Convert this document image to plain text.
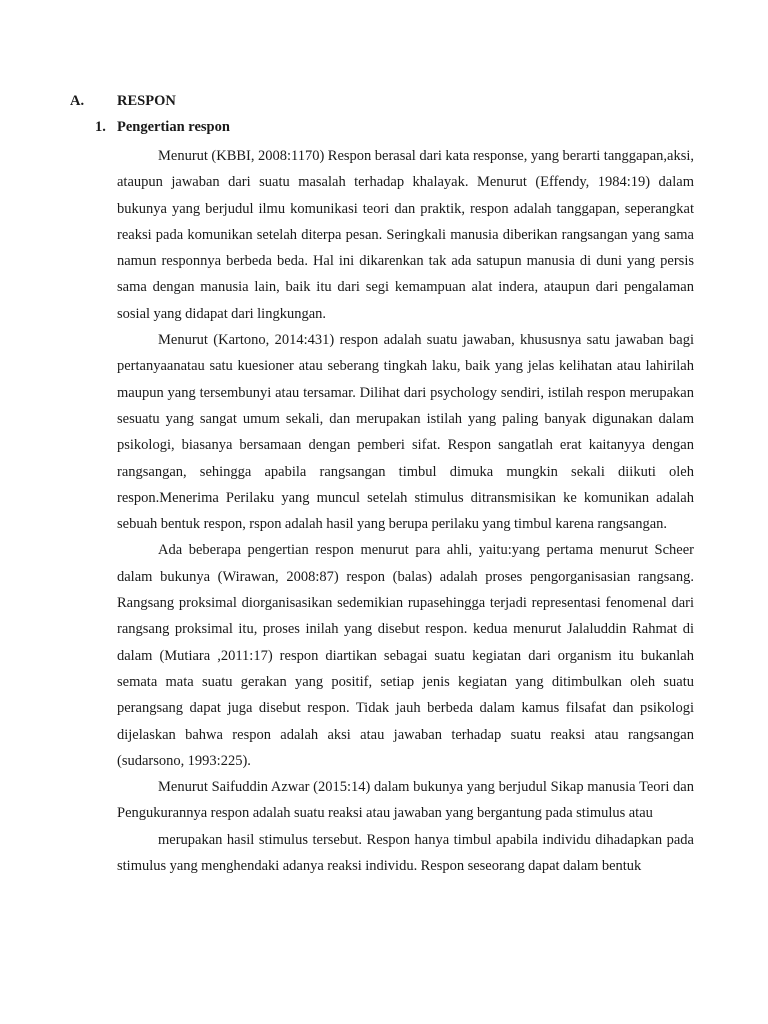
A. RESPON
1. Pengertian respon

Menurut (KBBI, 2008:1170) Respon berasal dari kata response, yang berarti tanggapan,aksi, ataupun jawaban dari suatu masalah terhadap khalayak. Menurut (Effendy, 1984:19) dalam bukunya yang berjudul ilmu komunikasi teori dan praktik, respon adalah tanggapan, seperangkat reaksi pada komunikan setelah diterpa pesan. Seringkali manusia diberikan rangsangan yang sama namun responnya berbeda beda. Hal ini dikarenkan tak ada satupun manusia di duni yang persis sama dengan manusia lain, baik itu dari segi kemampuan alat indera, ataupun dari pengalaman sosial yang didapat dari lingkungan.

Menurut (Kartono, 2014:431) respon adalah suatu jawaban, khususnya satu jawaban bagi pertanyaanatau satu kuesioner atau seberang tingkah laku, baik yang jelas kelihatan atau lahirilah maupun yang tersembunyi atau tersamar. Dilihat dari psychology sendiri, istilah respon merupakan sesuatu yang sangat umum sekali, dan merupakan istilah yang paling banyak digunakan dalam psikologi, biasanya bersamaan dengan pemberi sifat. Respon sangatlah erat kaitanyya dengan rangsangan, sehingga apabila rangsangan timbul dimuka mungkin sekali diikuti oleh respon.Menerima Perilaku yang muncul setelah stimulus ditransmisikan ke komunikan adalah sebuah bentuk respon, rspon adalah hasil yang berupa perilaku yang timbul karena rangsangan.

Ada beberapa pengertian respon menurut para ahli, yaitu:yang pertama menurut Scheer dalam bukunya (Wirawan, 2008:87) respon (balas) adalah proses pengorganisasian rangsang. Rangsang proksimal diorganisasikan sedemikian rupasehingga terjadi representasi fenomenal dari rangsang proksimal itu, proses inilah yang disebut respon. kedua menurut Jalaluddin Rahmat di dalam (Mutiara ,2011:17) respon diartikan sebagai suatu kegiatan dari organism itu bukanlah semata mata suatu gerakan yang positif, setiap jenis kegiatan yang ditimbulkan oleh suatu perangsang dapat juga disebut respon. Tidak jauh berbeda dalam kamus filsafat dan psikologi dijelaskan bahwa respon adalah aksi atau jawaban terhadap suatu reaksi atau rangsangan (sudarsono, 1993:225).

Menurut Saifuddin Azwar (2015:14) dalam bukunya yang berjudul Sikap manusia Teori dan Pengukurannya respon adalah suatu reaksi atau jawaban yang bergantung pada stimulus atau

merupakan hasil stimulus tersebut. Respon hanya timbul apabila individu dihadapkan pada stimulus yang menghendaki adanya reaksi individu. Respon seseorang dapat dalam bentuk
